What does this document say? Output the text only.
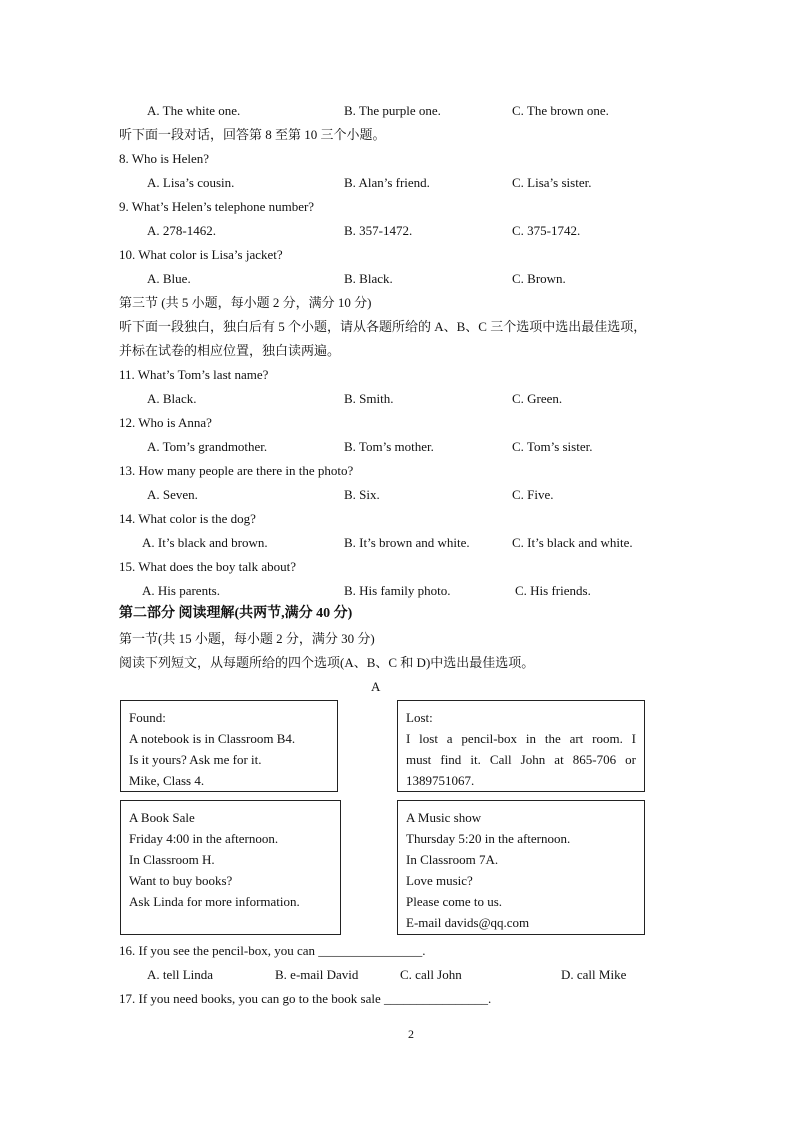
A. The white one.	B. The purple one.	C. The brown one.
听下面一段对话，回答第 8 至第 10 三个小题。
8. Who is Helen?
A. Lisa’s cousin.	B. Alan’s friend.	C. Lisa’s sister.
9. What’s Helen’s telephone number?
A. 278-1462.	B. 357-1472.	C. 375-1742.
10. What color is Lisa’s jacket?
A. Blue.	B. Black.	C. Brown.
第三节 (共 5 小题，每小题 2 分，满分 10 分)
听下面一段独白，独白后有 5 个小题，请从各题所给的 A、B、C 三个选项中选出最佳选项，
并标在试卷的相应位置，独白读两遍。
11. What’s Tom’s last name?
A. Black.	B. Smith.	C. Green.
12. Who is Anna?
A. Tom’s grandmother.	B. Tom’s mother.	C. Tom’s sister.
13. How many people are there in the photo?
A. Seven.	B. Six.	C. Five.
14. What color is the dog?
A. It’s black and brown.	B. It’s brown and white.	C. It’s black and white.
15. What does the boy talk about?
A. His parents.	B. His family photo.	C. His friends.
第二部分 阅读理解(共两节,满分 40 分)
第一节(共 15 小题，每小题 2 分，满分 30 分)
阅读下列短文，从每题所给的四个选项(A、B、C 和 D)中选出最佳选项。
A
Found:
A notebook is in Classroom B4.
Is it yours? Ask me for it.
Mike, Class 4.
Lost:
I lost a pencil-box in the art room. I
must find it. Call John at 865-706 or
1389751067.
A Book Sale
Friday 4:00 in the afternoon.
In Classroom H.
Want to buy books?
Ask Linda for more information.
A Music show
Thursday 5:20 in the afternoon.
In Classroom 7A.
Love music?
Please come to us.
E-mail davids@qq.com
16. If you see the pencil-box, you can ________________.
A. tell Linda	B. e-mail David	C. call John	D. call Mike
17. If you need books, you can go to the book sale ________________.
2
